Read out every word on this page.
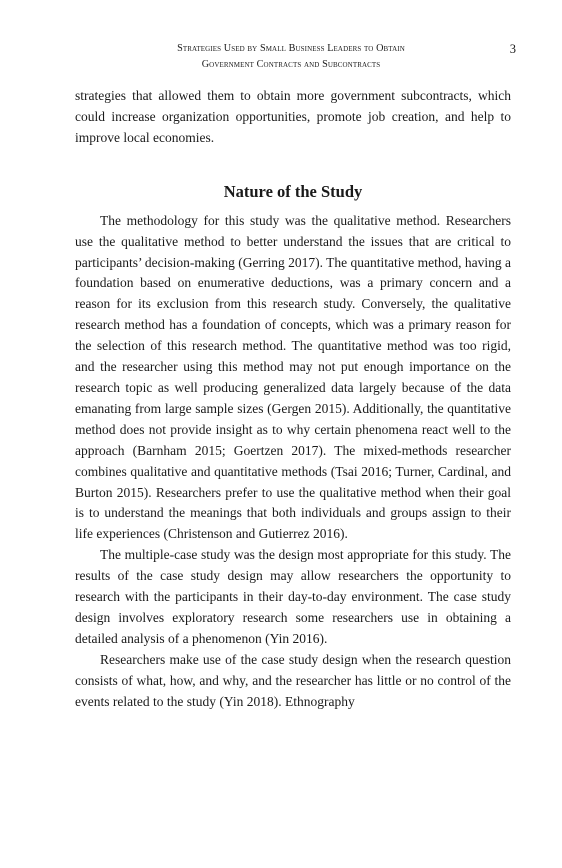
Strategies Used by Small Business Leaders to Obtain
Government Contracts and Subcontracts
3

strategies that allowed them to obtain more government subcontracts, which could increase organization opportunities, promote job creation, and help to improve local economies.

Nature of the Study

The methodology for this study was the qualitative method. Researchers use the qualitative method to better understand the issues that are critical to participants’ decision-making (Gerring 2017). The quantitative method, having a foundation based on enumerative deductions, was a primary concern and a reason for its exclusion from this research study. Conversely, the qualitative research method has a foundation of concepts, which was a primary reason for the selection of this research method. The quantitative method was too rigid, and the researcher using this method may not put enough importance on the research topic as well producing generalized data largely because of the data emanating from large sample sizes (Gergen 2015). Additionally, the quantitative method does not provide insight as to why certain phenomena react well to the approach (Barnham 2015; Goertzen 2017). The mixed-methods researcher combines qualitative and quantitative methods (Tsai 2016; Turner, Cardinal, and Burton 2015). Researchers prefer to use the qualitative method when their goal is to understand the meanings that both individuals and groups assign to their life experiences (Christenson and Gutierrez 2016).

The multiple-case study was the design most appropriate for this study. The results of the case study design may allow researchers the opportunity to research with the participants in their day-to-day environment. The case study design involves exploratory research some researchers use in obtaining a detailed analysis of a phenomenon (Yin 2016).

Researchers make use of the case study design when the research question consists of what, how, and why, and the researcher has little or no control of the events related to the study (Yin 2018). Ethnography
